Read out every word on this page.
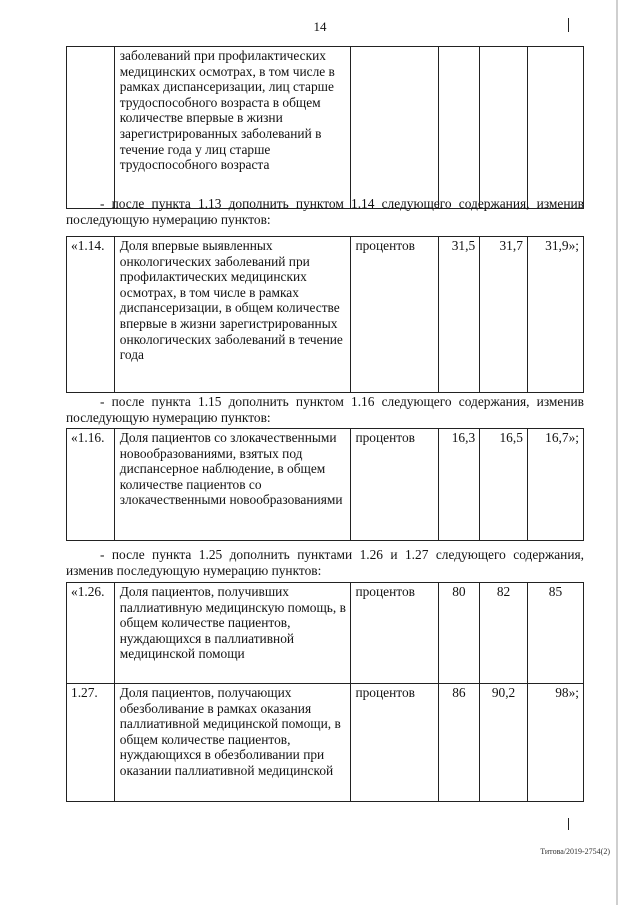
14
	заболеваний при профилактических медицинских осмотрах, в том числе в рамках диспансеризации, лиц старше трудоспособного возраста в общем количестве впервые в жизни зарегистрированных заболеваний в течение года у лиц старше трудоспособного возраста				

- после пункта 1.13 дополнить пунктом 1.14 следующего содержания, изменив последующую нумерацию пунктов:

«1.14.	Доля впервые выявленных онкологических заболеваний при профилактических медицинских осмотрах, в том числе в рамках диспансеризации, в общем количестве впервые в жизни зарегистрированных онкологических заболеваний в течение года	процентов	31,5	31,7	31,9»;

- после пункта 1.15 дополнить пунктом 1.16 следующего содержания, изменив последующую нумерацию пунктов:

«1.16.	Доля пациентов со злокачественными новообразованиями, взятых под диспансерное наблюдение, в общем количестве пациентов со злокачественными новообразованиями	процентов	16,3	16,5	16,7»;

- после пункта 1.25 дополнить пунктами 1.26 и 1.27 следующего содержания, изменив последующую нумерацию пунктов:

«1.26.	Доля пациентов, получивших паллиативную медицинскую помощь, в общем количестве пациентов, нуждающихся в паллиативной медицинской помощи	процентов	80	82	85
1.27.	Доля пациентов, получающих обезболивание в рамках оказания паллиативной медицинской помощи, в общем количестве пациентов, нуждающихся в обезболивании при оказании паллиативной медицинской	процентов	86	90,2	98»;
Титова/2019-2754(2)
